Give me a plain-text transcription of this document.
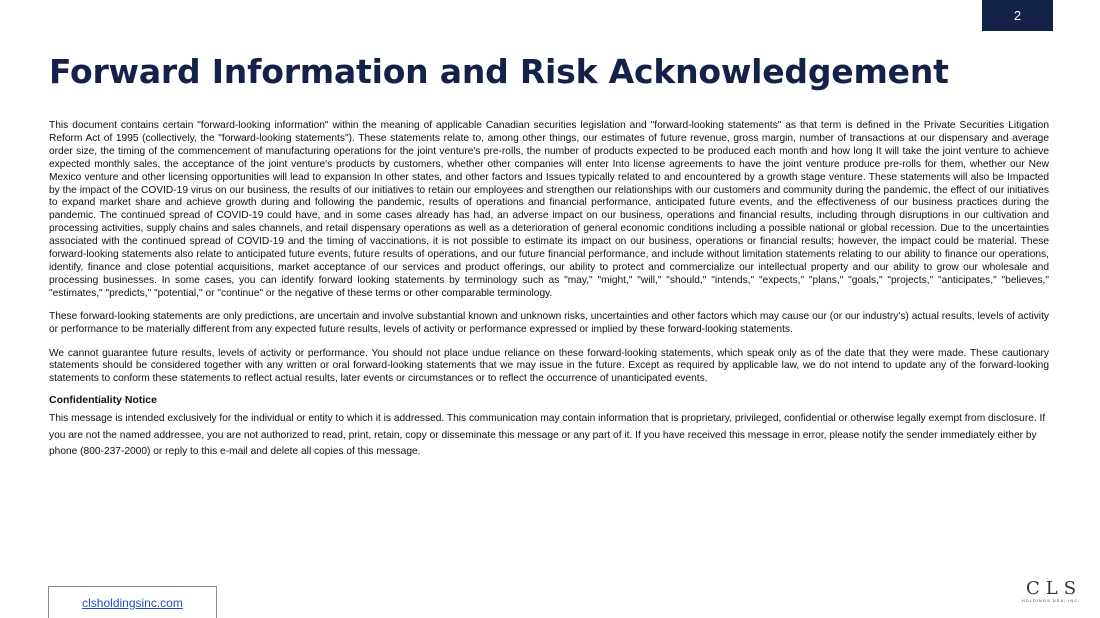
2
Forward Information and Risk Acknowledgement

This document contains certain "forward-looking information" within the meaning of applicable Canadian securities legislation and "forward-looking statements" as that term is defined in the Private Securities Litigation Reform Act of 1995 (collectively, the "forward-looking statements"). These statements relate to, among other things, our estimates of future revenue, gross margin, number of transactions at our dispensary and average order size, the timing of the commencement of manufacturing operations for the joint venture's pre-rolls, the number of products expected to be produced each month and how long It will take the joint venture to achieve expected monthly sales, the acceptance of the joint venture's products by customers, whether other companies will enter Into license agreements to have the joint venture produce pre-rolls for them, whether our New Mexico venture and other licensing opportunities will lead to expansion In other states, and other factors and Issues typically related to and encountered by a growth stage venture. These statements will also be Impacted by the impact of the COVID-19 virus on our business, the results of our initiatives to retain our employees and strengthen our relationships with our customers and community during the pandemic, the effect of our initiatives to expand market share and achieve growth during and following the pandemic, results of operations and financial performance, anticipated future events, and the effectiveness of our business practices during the pandemic. The continued spread of COVID-19 could have, and in some cases already has had, an adverse impact on our business, operations and financial results, including through disruptions in our cultivation and processing activities, supply chains and sales channels, and retail dispensary operations as well as a deterioration of general economic conditions including a possible national or global recession. Due to the uncertainties associated with the continued spread of COVID-19 and the timing of vaccinations, it is not possible to estimate its impact on our business, operations or financial results; however, the impact could be material. These forward-looking statements also relate to anticipated future events, future results of operations, and our future financial performance, and include without limitation statements relating to our ability to finance our operations, identify, finance and close potential acquisitions, market acceptance of our services and product offerings, our ability to protect and commercialize our intellectual property and our ability to grow our wholesale and processing businesses. In some cases, you can identify forward looking statements by terminology such as "may," "might," "will," "should," "intends," "expects," "plans," "goals," "projects," "anticipates," "believes," "estimates," "predicts," "potential," or "continue" or the negative of these terms or other comparable terminology.

These forward-looking statements are only predictions, are uncertain and involve substantial known and unknown risks, uncertainties and other factors which may cause our (or our industry's) actual results, levels of activity or performance to be materially different from any expected future results, levels of activity or performance expressed or implied by these forward-looking statements.

We cannot guarantee future results, levels of activity or performance. You should not place undue reliance on these forward-looking statements, which speak only as of the date that they were made. These cautionary statements should be considered together with any written or oral forward-looking statements that we may issue in the future. Except as required by applicable law, we do not intend to update any of the forward-looking statements to conform these statements to reflect actual results, later events or circumstances or to reflect the occurrence of unanticipated events.

Confidentiality Notice

This message is intended exclusively for the individual or entity to which it is addressed. This communication may contain information that is proprietary, privileged, confidential or otherwise legally exempt from disclosure. If you are not the named addressee, you are not authorized to read, print, retain, copy or disseminate this message or any part of it. If you have received this message in error, please notify the sender immediately either by phone (800-237-2000) or reply to this e-mail and delete all copies of this message.

clsholdingsinc.com
CLS
HOLDINGS USA, INC.
